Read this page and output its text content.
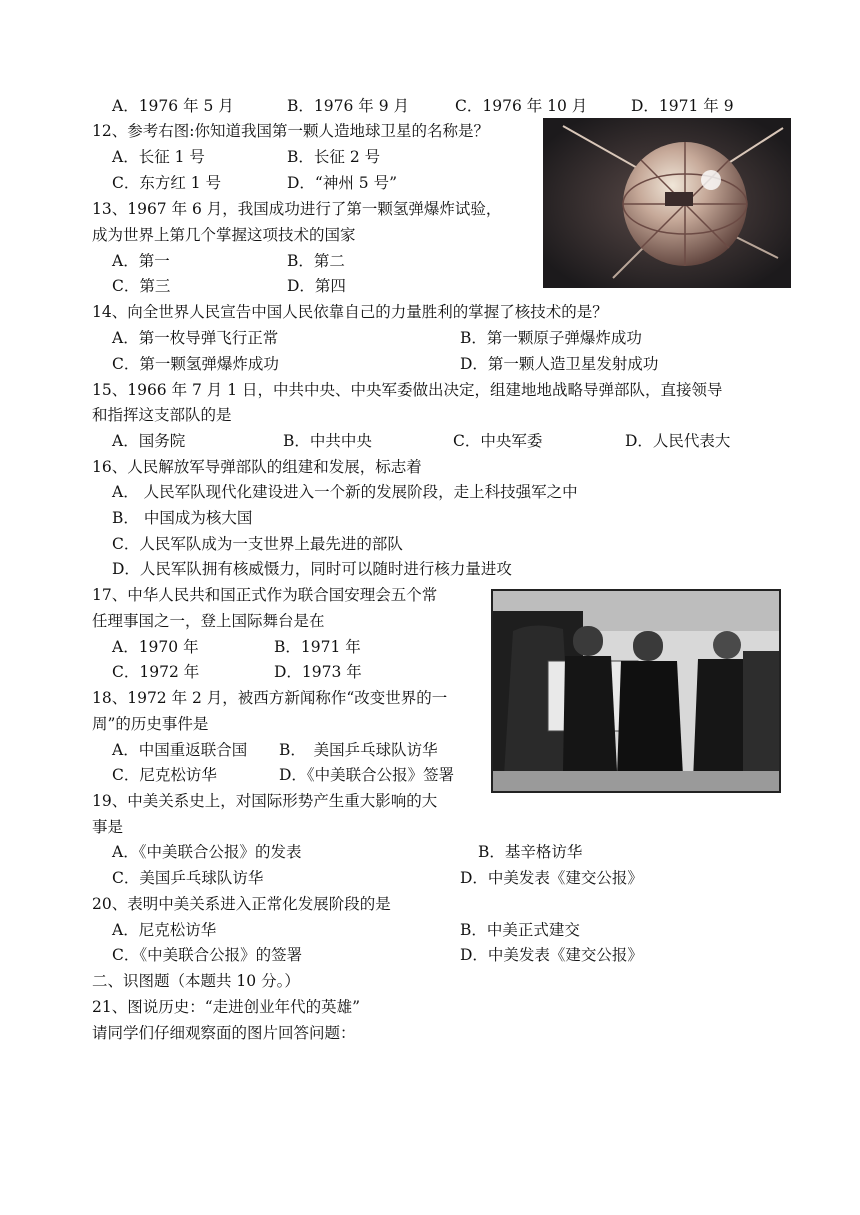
A．1976 年 5 月	B．1976 年 9 月	C．1976 年 10 月	D．1971 年 9
12、参考右图:你知道我国第一颗人造地球卫星的名称是？
A．长征 1 号	B．长征 2 号
C．东方红 1 号	D．“神州 5 号”
13、1967 年 6 月，我国成功进行了第一颗氢弹爆炸试验，
成为世界上第几个掌握这项技术的国家
A．第一	B．第二
C．第三	D．第四
14、向全世界人民宣告中国人民依靠自己的力量胜利的掌握了核技术的是？
A．第一枚导弹飞行正常	B．第一颗原子弹爆炸成功
C．第一颗氢弹爆炸成功	D．第一颗人造卫星发射成功
15、1966 年 7 月 1 日，中共中央、中央军委做出决定，组建地地战略导弹部队，直接领导
和指挥这支部队的是
A．国务院	B．中共中央	C．中央军委	D．人民代表大
16、人民解放军导弹部队的组建和发展，标志着
A． 人民军队现代化建设进入一个新的发展阶段，走上科技强军之中
B． 中国成为核大国
C．人民军队成为一支世界上最先进的部队
D．人民军队拥有核威慑力，同时可以随时进行核力量进攻
17、中华人民共和国正式作为联合国安理会五个常
任理事国之一，登上国际舞台是在
A．1970 年	B．1971 年
C．1972 年	D．1973 年
18、1972 年 2 月，被西方新闻称作“改变世界的一
周”的历史事件是
A．中国重返联合国 B．　美国乒乓球队访华
C．尼克松访华	D．《中美联合公报》签署
19、中美关系史上，对国际形势产生重大影响的大
事是
A．《中美联合公报》的发表	B．基辛格访华
C．美国乒乓球队访华	D．中美发表《建交公报》
20、表明中美关系进入正常化发展阶段的是
A．尼克松访华	B．中美正式建交
C．《中美联合公报》的签署	D．中美发表《建交公报》
二、识图题（本题共 10 分。）
21、图说历史：“走进创业年代的英雄”
请同学们仔细观察面的图片回答问题：
